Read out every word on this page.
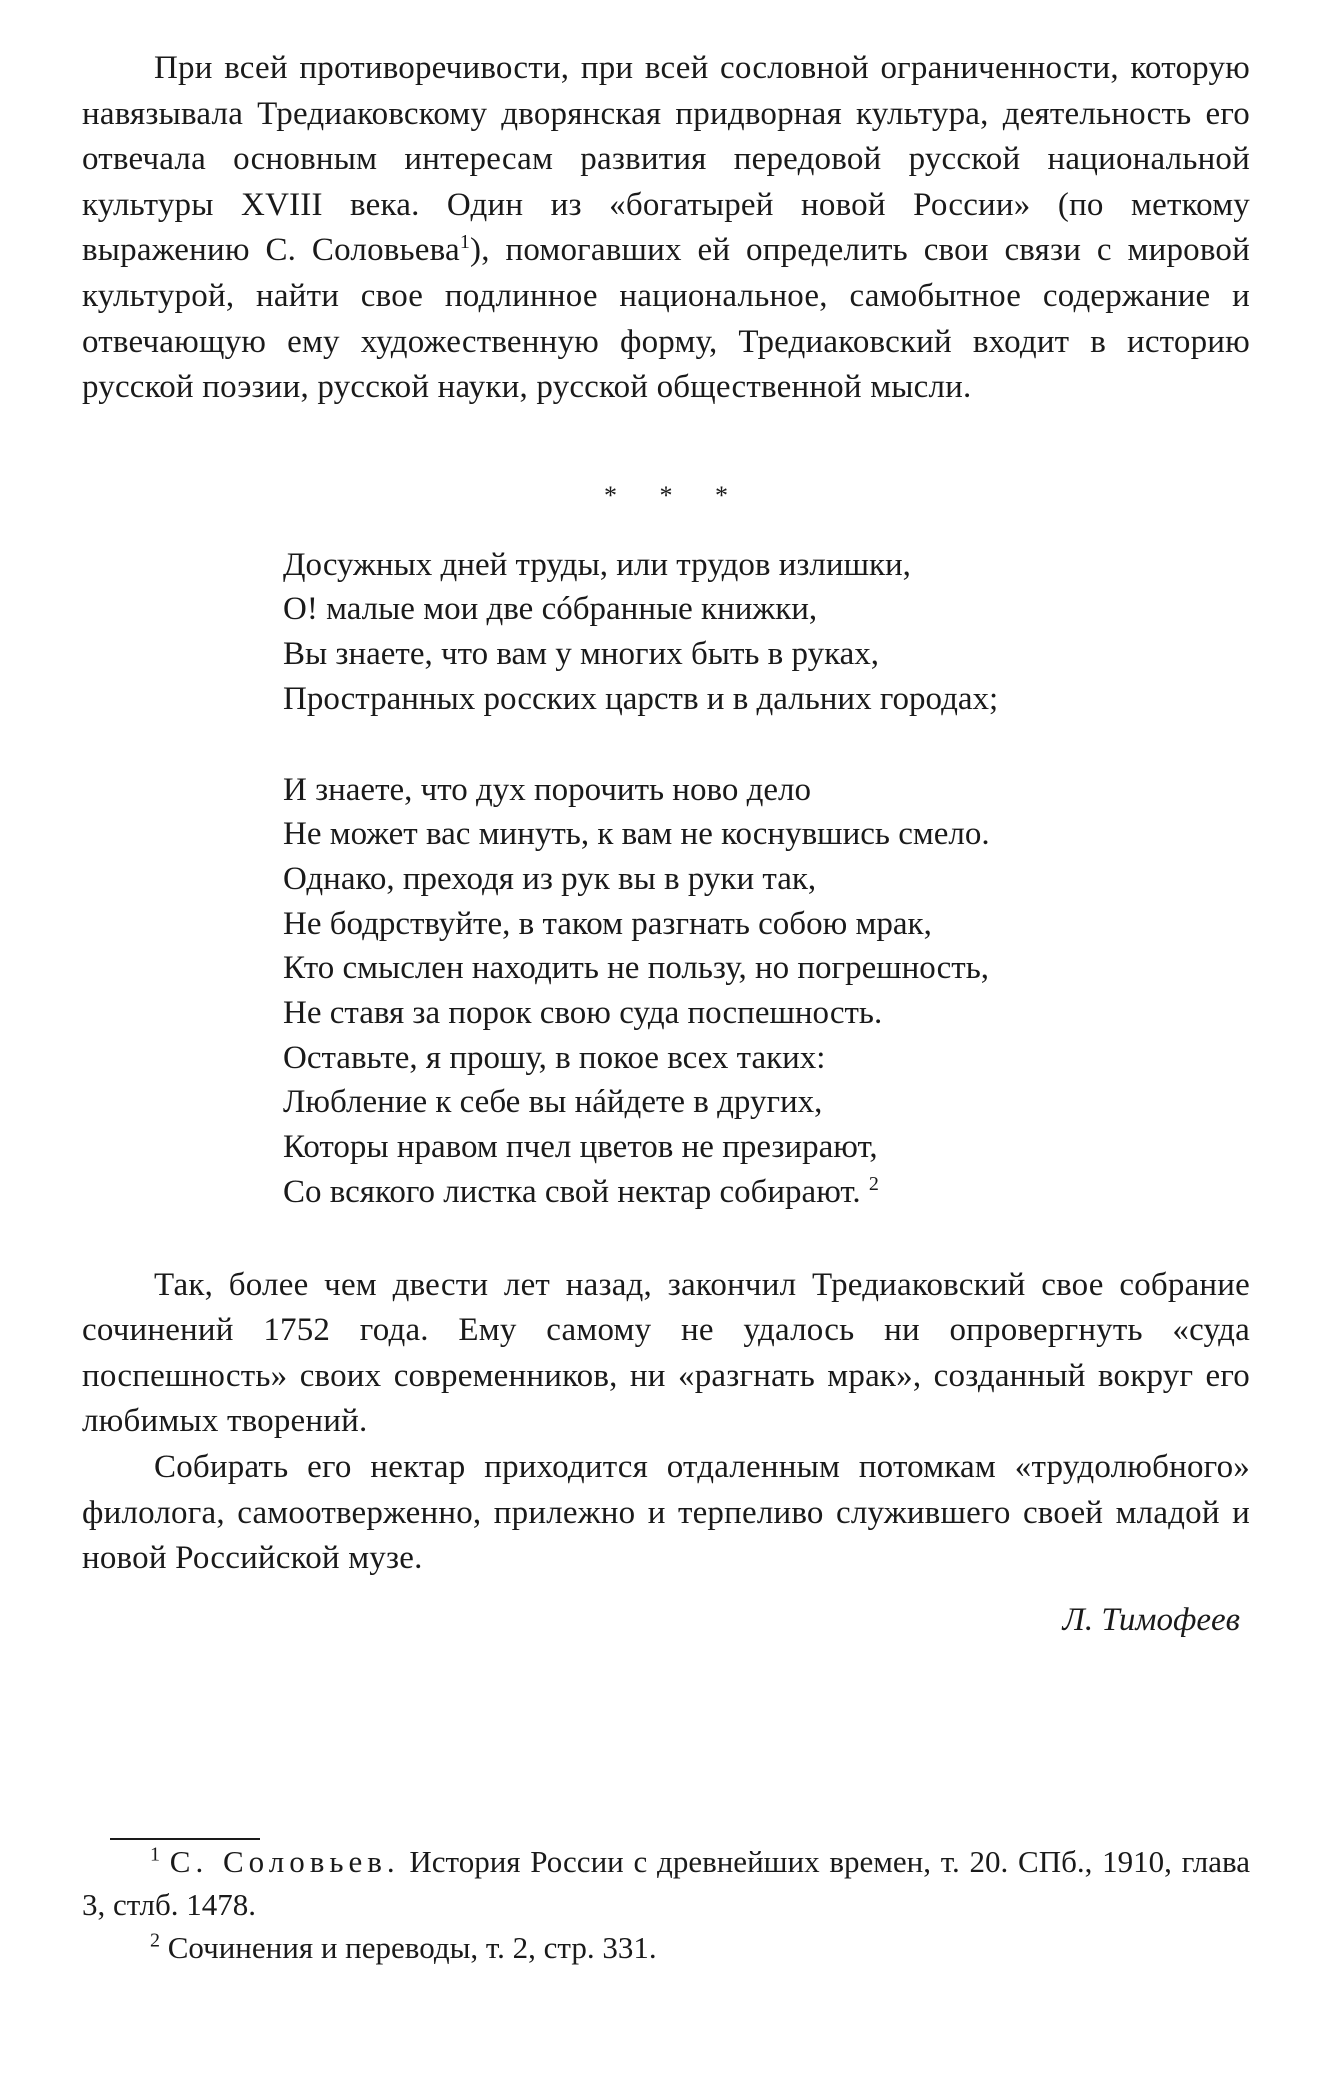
При всей противоречивости, при всей сословной ограниченности, которую навязывала Тредиаковскому дворянская придворная культура, деятельность его отвечала основным интересам развития передовой русской национальной культуры XVIII века. Один из «богатырей новой России» (по меткому выражению С. Соловьева$^1$), помогавших ей определить свои связи с мировой культурой, найти свое подлинное национальное, самобытное содержание и отвечающую ему художественную форму, Тредиаковский входит в историю русской поэзии, русской науки, русской общественной мысли.

* * *
Досужных дней труды, или трудов излишки,
О! малые мои две сóбранные книжки,
Вы знаете, что вам у многих быть в руках,
Пространных росских царств и в дальних городах;
И знаете, что дух порочить ново дело
Не может вас минуть, к вам не коснувшись смело.
Однако, преходя из рук вы в руки так,
Не бодрствуйте, в таком разгнать собою мрак,
Кто смыслен находить не пользу, но погрешность,
Не ставя за порок свою суда поспешность.
Оставьте, я прошу, в покое всех таких:
Любление к себе вы нáйдете в других,
Которы нравом пчел цветов не презирают,
Со всякого листка свой нектар собирают. $^2$

Так, более чем двести лет назад, закончил Тредиаковский свое собрание сочинений 1752 года. Ему самому не удалось ни опровергнуть «суда поспешность» своих современников, ни «разгнать мрак», созданный вокруг его любимых творений.

Собирать его нектар приходится отдаленным потомкам «трудолюбного» филолога, самоотверженно, прилежно и терпеливо служившего своей младой и новой Российской музе.

Л. Тимофеев

$^1$ С. Соловьев. История России с древнейших времен, т. 20. СПб., 1910, глава 3, стлб. 1478.

$^2$ Сочинения и переводы, т. 2, стр. 331.
